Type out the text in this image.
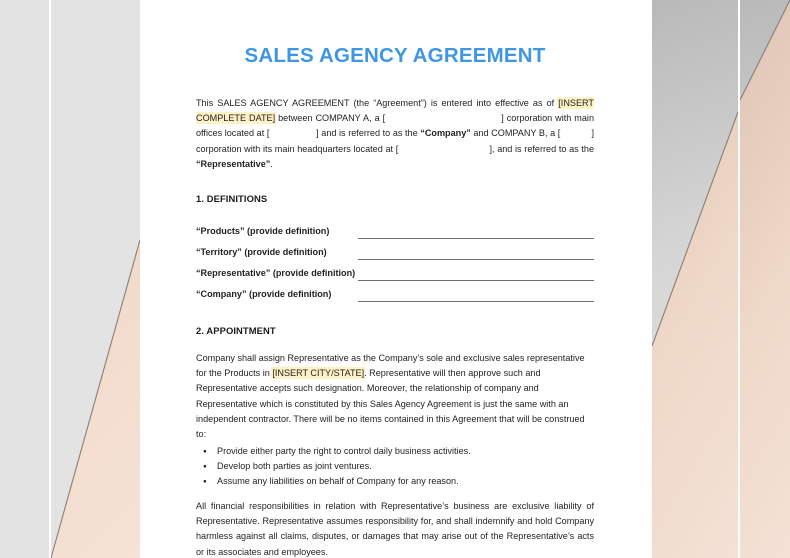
SALES AGENCY AGREEMENT
This SALES AGENCY AGREEMENT (the “Agreement”) is entered into effective as of [INSERT COMPLETE DATE] between COMPANY A, a [	] corporation with main offices located at [	] and is referred to as the “Company” and COMPANY B, a [	] corporation with its main headquarters located at [	], and is referred to as the “Representative”.
1. DEFINITIONS
“Products” (provide definition)
“Territory” (provide definition)
“Representative” (provide definition)
“Company” (provide definition)
2. APPOINTMENT
Company shall assign Representative as the Company’s sole and exclusive sales representative for the Products in [INSERT CITY/STATE]. Representative will then approve such and Representative accepts such designation. Moreover, the relationship of company and Representative which is constituted by this Sales Agency Agreement is just the same with an independent contractor. There will be no items contained in this Agreement that will be construed to:
● Provide either party the right to control daily business activities.
● Develop both parties as joint ventures.
● Assume any liabilities on behalf of Company for any reason.
All financial responsibilities in relation with Representative’s business are exclusive liability of Representative. Representative assumes responsibility for, and shall indemnify and hold Company harmless against all claims, disputes, or damages that may arise out of the Representative’s acts or its associates and employees.
